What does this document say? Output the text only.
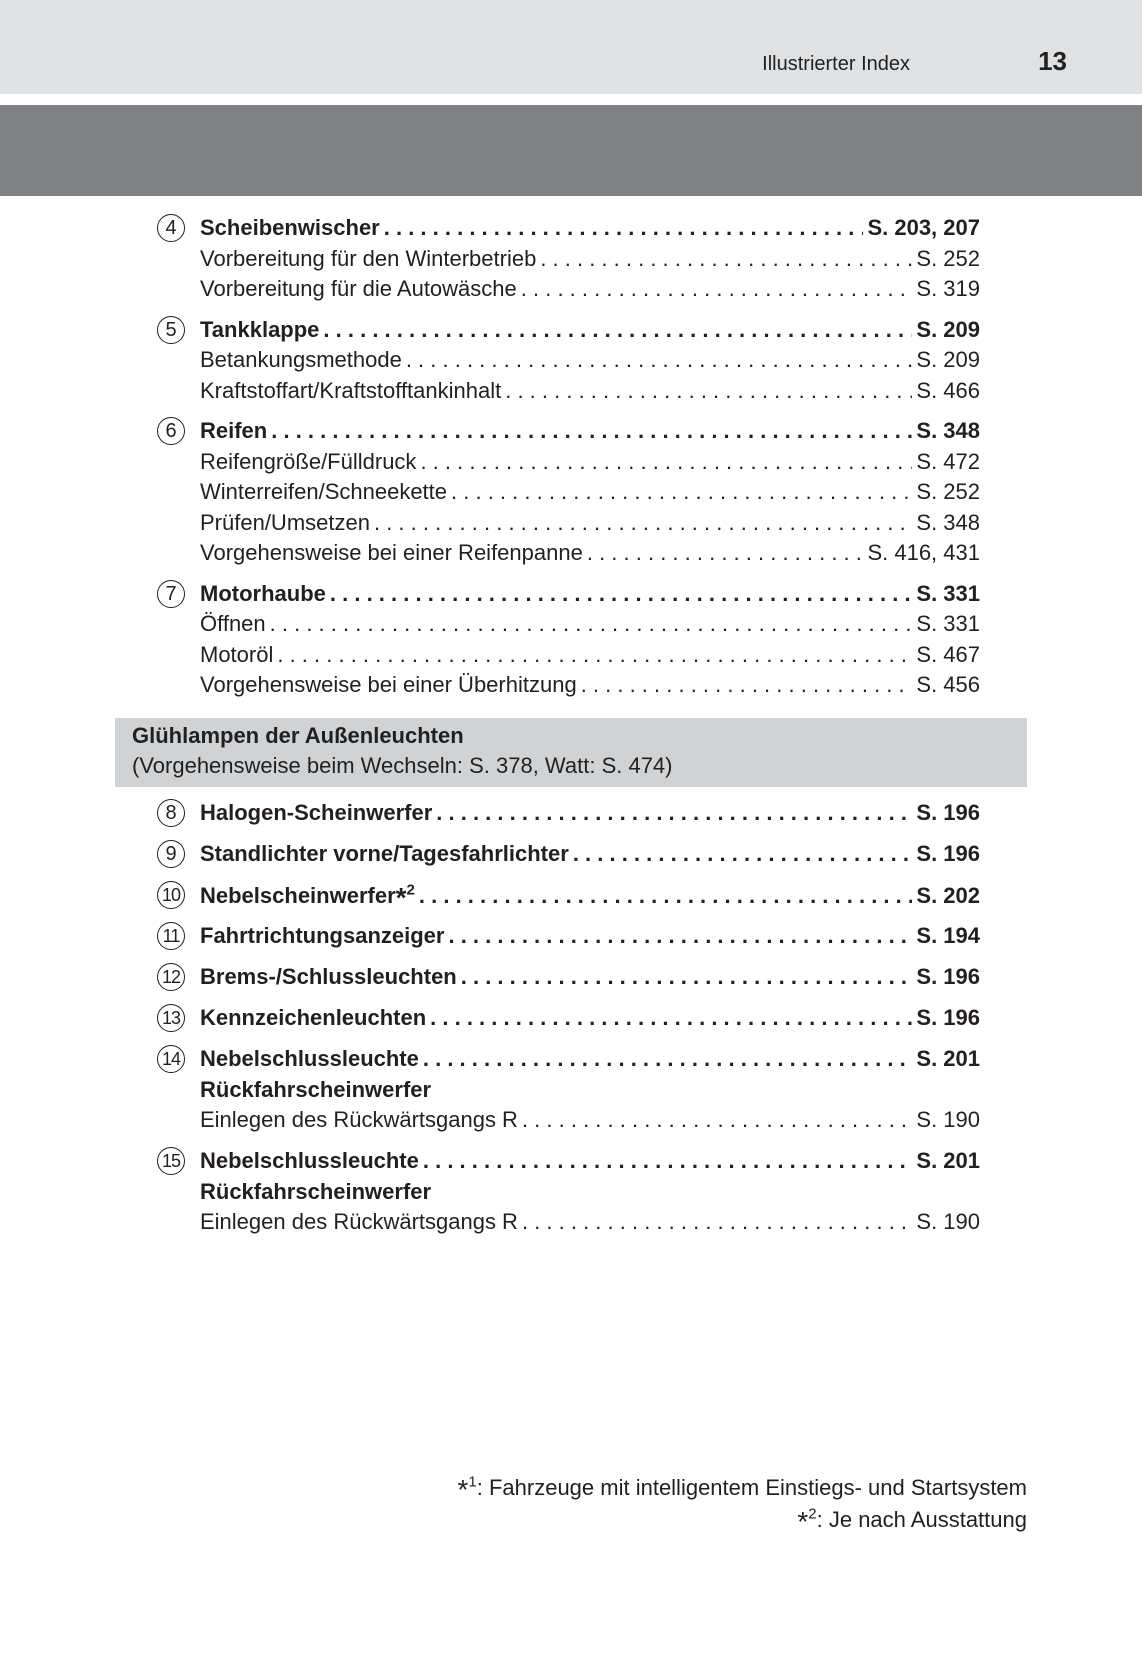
Illustrierter Index	13
4	Scheibenwischer . . .	S. 203, 207
Vorbereitung für den Winterbetrieb . . .	S. 252
Vorbereitung für die Autowäsche . . .	S. 319
5	Tankklappe . . .	S. 209
Betankungsmethode . . .	S. 209
Kraftstoffart/Kraftstofftankinhalt . . .	S. 466
6	Reifen . . .	S. 348
Reifengröße/Fülldruck . . .	S. 472
Winterreifen/Schneekette . . .	S. 252
Prüfen/Umsetzen . . .	S. 348
Vorgehensweise bei einer Reifenpanne . . .	S. 416, 431
7	Motorhaube . . .	S. 331
Öffnen . . .	S. 331
Motoröl . . .	S. 467
Vorgehensweise bei einer Überhitzung . . .	S. 456
Glühlampen der Außenleuchten
(Vorgehensweise beim Wechseln: S. 378, Watt: S. 474)
8	Halogen-Scheinwerfer . . .	S. 196
9	Standlichter vorne/Tagesfahrlichter . . .	S. 196
10 Nebelscheinwerfer*$^2$ . . .	S. 202
11 Fahrtrichtungsanzeiger . . .	S. 194
12 Brems-/Schlussleuchten . . .	S. 196
13 Kennzeichenleuchten . . .	S. 196
14 Nebelschlussleuchte . . .	S. 201
Rückfahrscheinwerfer
Einlegen des Rückwärtsgangs R . . .	S. 190
15 Nebelschlussleuchte . . .	S. 201
Rückfahrscheinwerfer
Einlegen des Rückwärtsgangs R . . .	S. 190
*$^1$: Fahrzeuge mit intelligentem Einstiegs- und Startsystem
*$^2$: Je nach Ausstattung
